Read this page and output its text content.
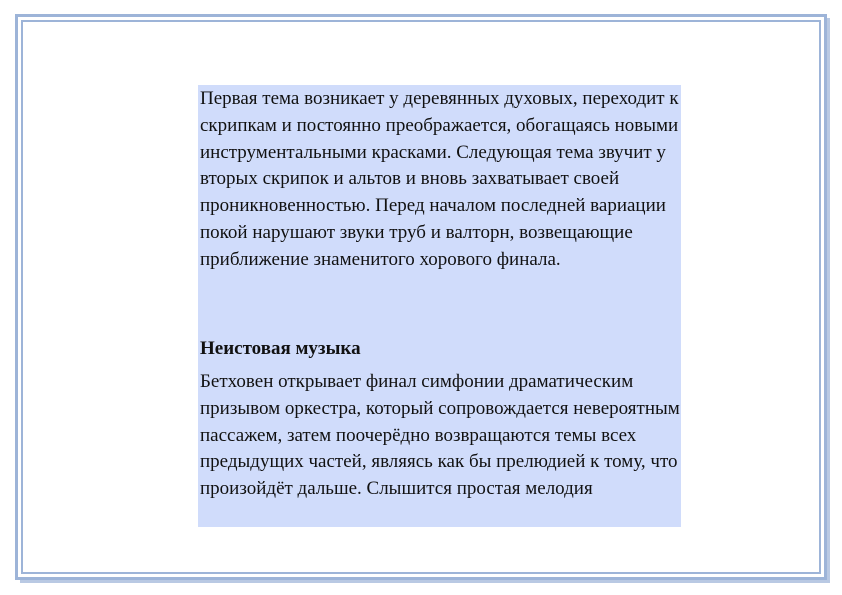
Первая тема возникает у деревянных духовых, переходит к скрипкам и постоянно преображается, обогащаясь новыми инструментальными красками. Следующая тема звучит у вторых скрипок и альтов и вновь захватывает своей проникновенностью. Перед началом последней вариации покой нарушают звуки труб и валторн, возвещающие приближение знаменитого хорового финала.

Неистовая музыка

Бетховен открывает финал симфонии драматическим призывом оркестра, который сопровождается невероятным пассажем, затем поочерёдно возвращаются темы всех предыдущих частей, являясь как бы прелюдией к тому, что произойдёт дальше. Слышится простая мелодия
